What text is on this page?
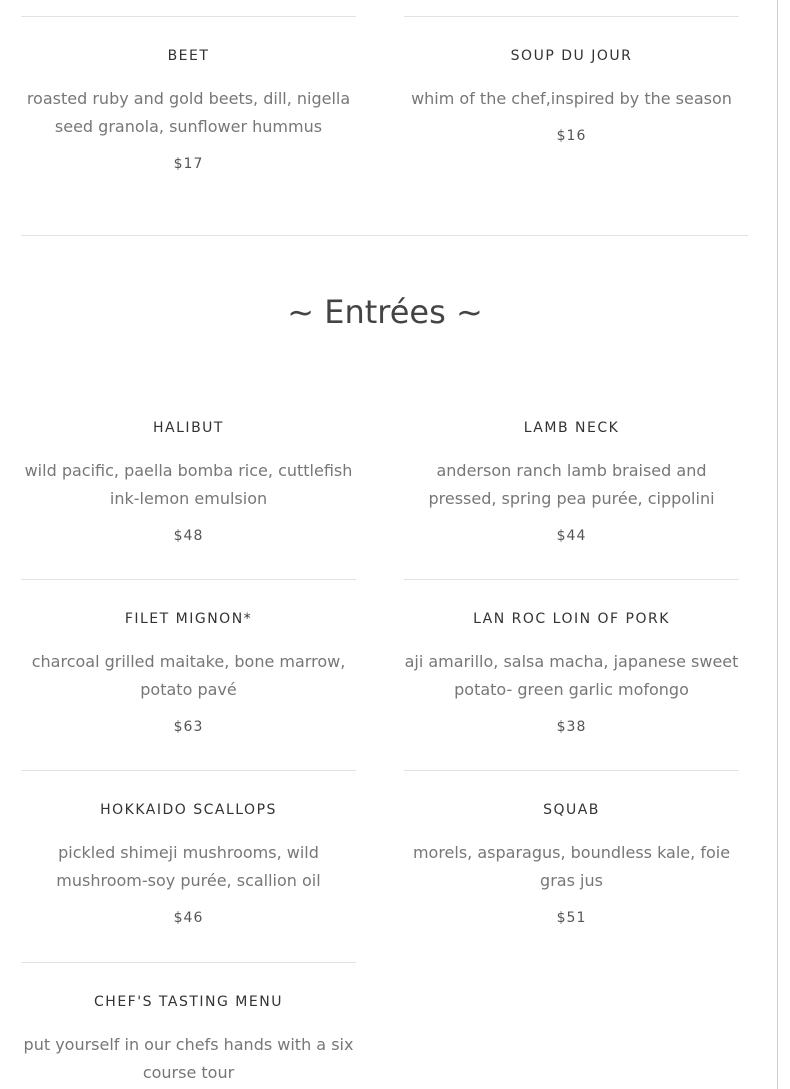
BEET
roasted ruby and gold beets, dill, nigella seed granola, sunflower hummus
$17
SOUP DU JOUR
whim of the chef,inspired by the season
$16
~ Entrées ~
HALIBUT
wild pacific, paella bomba rice, cuttlefish ink-lemon emulsion
$48
LAMB NECK
anderson ranch lamb braised and pressed, spring pea purée, cippolini
$44
FILET MIGNON*
charcoal grilled maitake, bone marrow, potato pavé
$63
LAN ROC LOIN OF PORK
aji amarillo, salsa macha, japanese sweet potato- green garlic mofongo
$38
HOKKAIDO SCALLOPS
pickled shimeji mushrooms, wild mushroom-soy purée, scallion oil
$46
SQUAB
morels, asparagus, boundless kale, foie gras jus
$51
CHEF'S TASTING MENU
put yourself in our chefs hands with a six course tour
